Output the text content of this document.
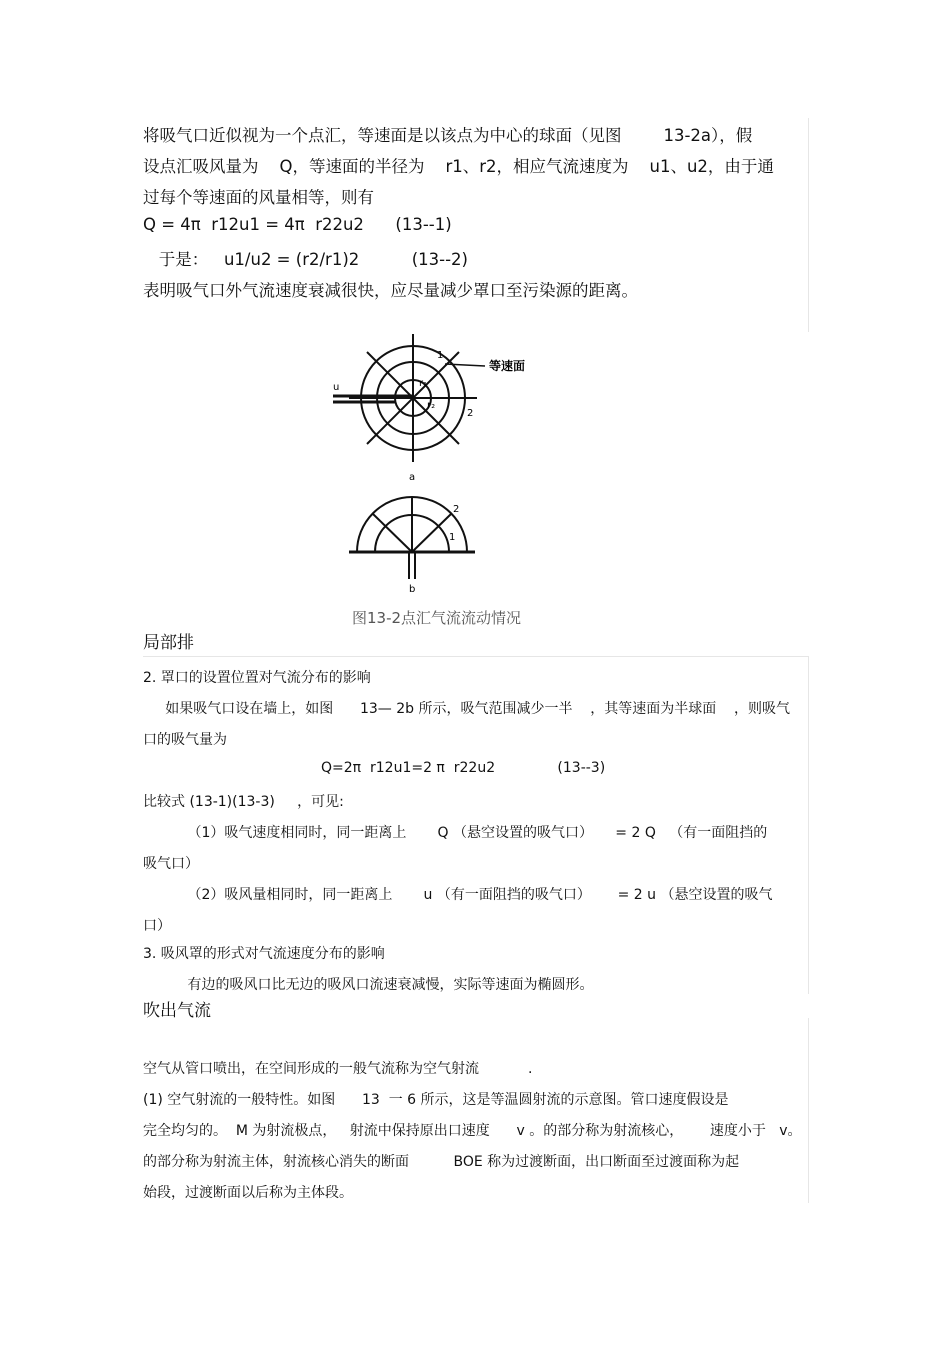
将吸气口近似视为一个点汇，等速面是以该点为中心的球面（见图        13-2a），假
设点汇吸风量为    Q，等速面的半径为    r1、r2，相应气流速度为    u1、u2，由于通
过每个等速面的风量相等，则有
Q = 4π  r12u1 = 4π  r22u2      (13--1)
于是：   u1/u2 = (r2/r1)2          (13--2)
表明吸气口外气流速度衰减很快，应尽量减少罩口至污染源的距离。
等速面
1
2
r₁
r₂
u
a
2
1
b
图13-2点汇气流流动情况
局部排
2. 罩口的设置位置对气流分布的影响
如果吸气口设在墙上，如图      13— 2b 所示，吸气范围减少一半    ，其等速面为半球面    ，则吸气
口的吸气量为
Q=2π  r12u1=2 π  r22u2              (13--3)
比较式 (13-1)(13-3)     ，可见:
（1）吸气速度相同时，同一距离上       Q （悬空设置的吸气口）     = 2 Q   （有一面阻挡的
吸气口）
（2）吸风量相同时，同一距离上       u （有一面阻挡的吸气口）      = 2 u （悬空设置的吸气
口）
3. 吸风罩的形式对气流速度分布的影响
有边的吸风口比无边的吸风口流速衰减慢，实际等速面为椭圆形。
吹出气流
空气从管口喷出，在空间形成的一般气流称为空气射流           .
(1) 空气射流的一般特性。如图      13  一 6 所示，这是等温圆射流的示意图。管口速度假设是
完全均匀的。  M 为射流极点，   射流中保持原出口速度      v 。的部分称为射流核心，      速度小于   v。
的部分称为射流主体，射流核心消失的断面          BOE 称为过渡断面，出口断面至过渡面称为起
始段，过渡断面以后称为主体段。
